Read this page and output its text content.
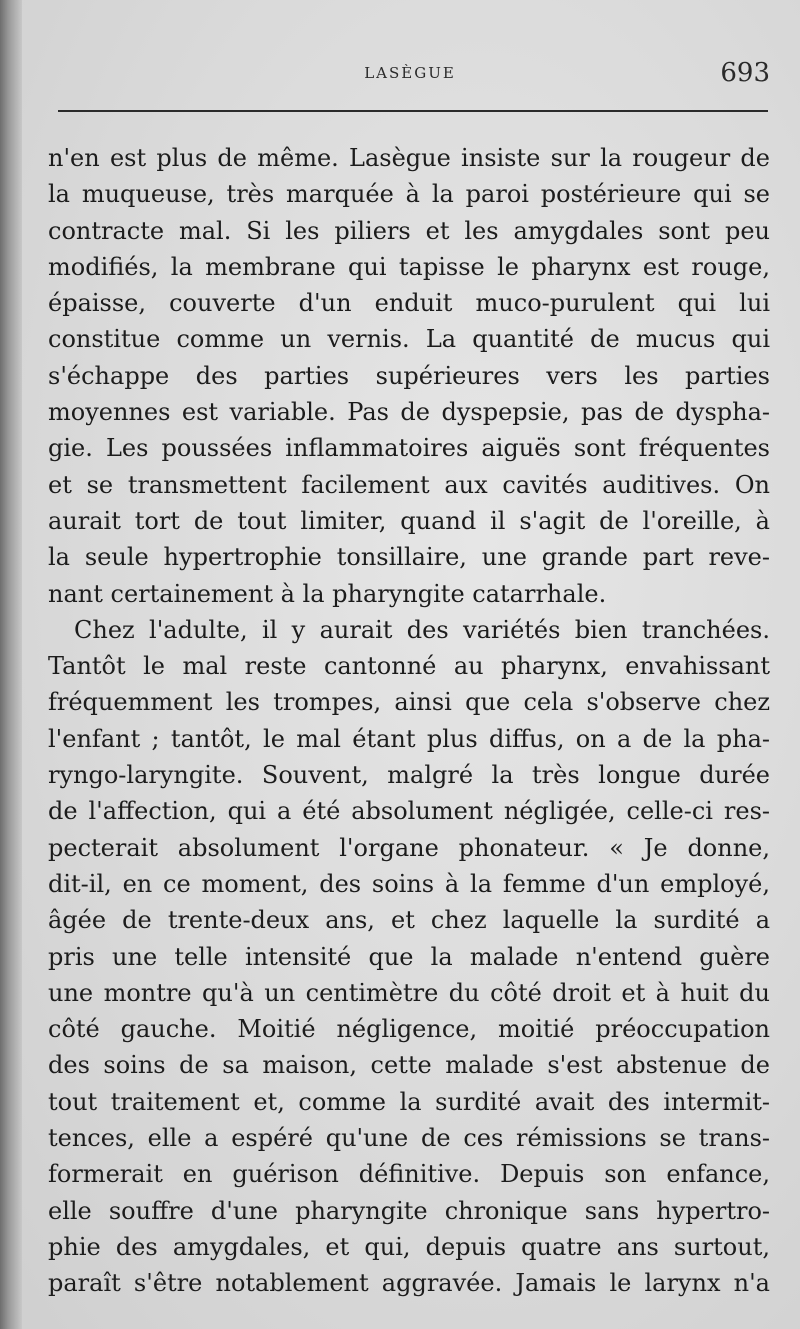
LASÈGUE	693
n'en est plus de même. Lasègue insiste sur la rougeur de
la muqueuse, très marquée à la paroi postérieure qui se
contracte mal. Si les piliers et les amygdales sont peu
modifiés, la membrane qui tapisse le pharynx est rouge,
épaisse, couverte d'un enduit muco-purulent qui lui
constitue comme un vernis. La quantité de mucus qui
s'échappe des parties supérieures vers les parties
moyennes est variable. Pas de dyspepsie, pas de dyspha-
gie. Les poussées inflammatoires aiguës sont fréquentes
et se transmettent facilement aux cavités auditives. On
aurait tort de tout limiter, quand il s'agit de l'oreille, à
la seule hypertrophie tonsillaire, une grande part reve-
nant certainement à la pharyngite catarrhale.
Chez l'adulte, il y aurait des variétés bien tranchées.
Tantôt le mal reste cantonné au pharynx, envahissant
fréquemment les trompes, ainsi que cela s'observe chez
l'enfant ; tantôt, le mal étant plus diffus, on a de la pha-
ryngo-laryngite. Souvent, malgré la très longue durée
de l'affection, qui a été absolument négligée, celle-ci res-
pecterait absolument l'organe phonateur. « Je donne,
dit-il, en ce moment, des soins à la femme d'un employé,
âgée de trente-deux ans, et chez laquelle la surdité a
pris une telle intensité que la malade n'entend guère
une montre qu'à un centimètre du côté droit et à huit du
côté gauche. Moitié négligence, moitié préoccupation
des soins de sa maison, cette malade s'est abstenue de
tout traitement et, comme la surdité avait des intermit-
tences, elle a espéré qu'une de ces rémissions se trans-
formerait en guérison définitive. Depuis son enfance,
elle souffre d'une pharyngite chronique sans hypertro-
phie des amygdales, et qui, depuis quatre ans surtout,
paraît s'être notablement aggravée. Jamais le larynx n'a
